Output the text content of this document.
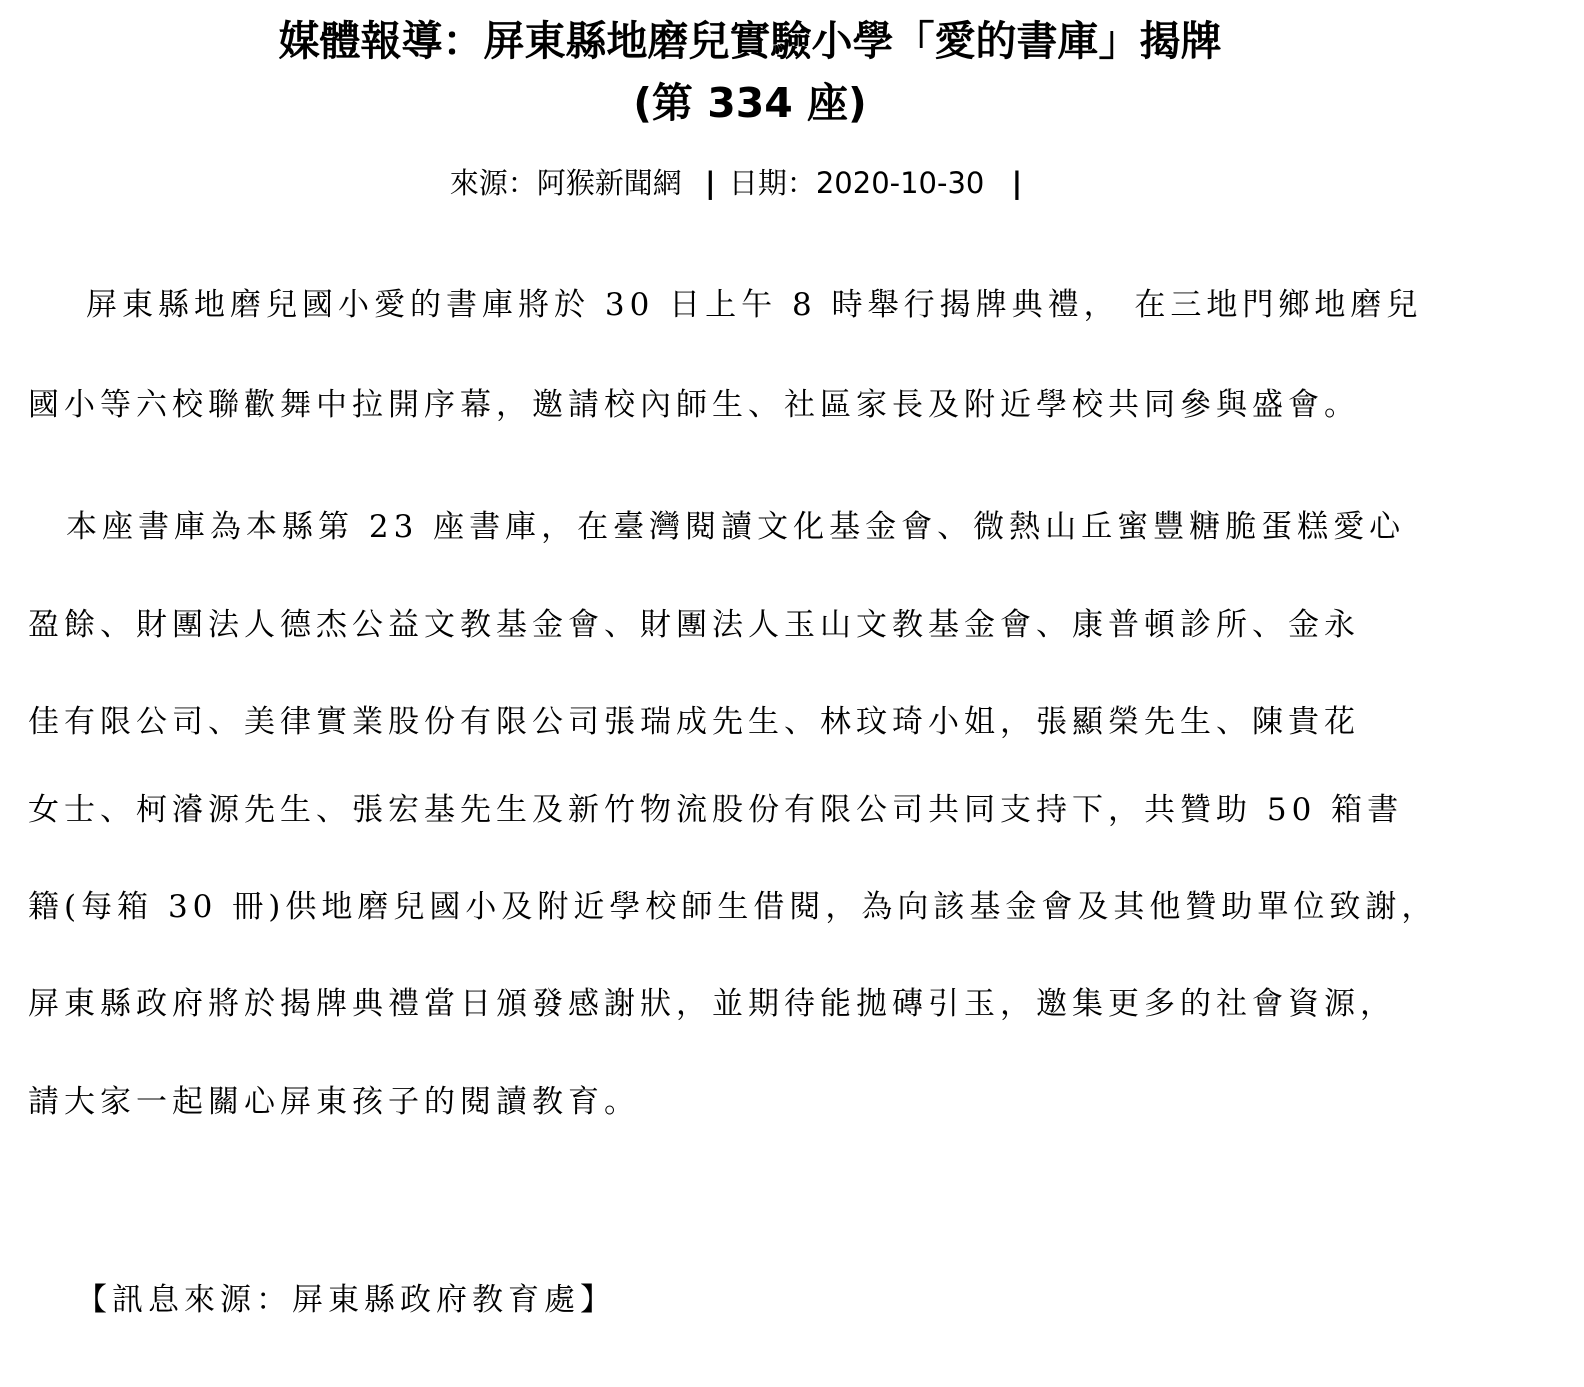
媒體報導：屏東縣地磨兒實驗小學「愛的書庫」揭牌
(第 334 座)
來源：阿猴新聞網 | 日期：2020-10-30 |
屏東縣地磨兒國小愛的書庫將於 30 日上午 8 時舉行揭牌典禮， 在三地門鄉地磨兒
國小等六校聯歡舞中拉開序幕，邀請校內師生、社區家長及附近學校共同參與盛會。
本座書庫為本縣第 23 座書庫，在臺灣閱讀文化基金會、微熱山丘蜜豐糖脆蛋糕愛心
盈餘、財團法人德杰公益文教基金會、財團法人玉山文教基金會、康普頓診所、金永
佳有限公司、美律實業股份有限公司張瑞成先生、林玟琦小姐，張顯榮先生、陳貴花
女士、柯濬源先生、張宏基先生及新竹物流股份有限公司共同支持下，共贊助 50 箱書
籍(每箱 30 冊)供地磨兒國小及附近學校師生借閱，為向該基金會及其他贊助單位致謝，
屏東縣政府將於揭牌典禮當日頒發感謝狀，並期待能拋磚引玉，邀集更多的社會資源，
請大家一起關心屏東孩子的閱讀教育。
【訊息來源：屏東縣政府教育處】
